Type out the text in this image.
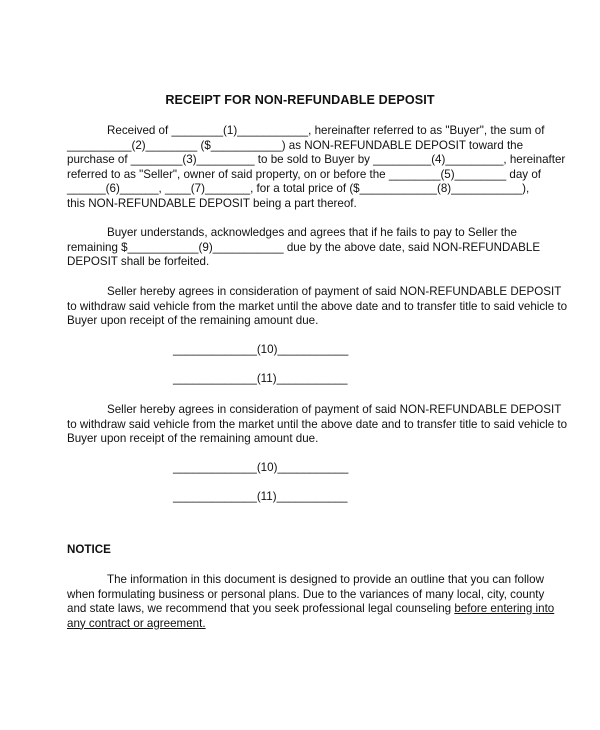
RECEIPT FOR NON-REFUNDABLE DEPOSIT
Received of ________(1)___________, hereinafter referred to as "Buyer", the sum of
__________(2)________ ($___________) as NON-REFUNDABLE DEPOSIT toward the
purchase of ________(3)_________ to be sold to Buyer by _________(4)_________, hereinafter
referred to as "Seller", owner of said property, on or before the ________(5)________ day of
______(6)______, ____(7)_______, for a total price of ($____________(8)___________),
this NON-REFUNDABLE DEPOSIT being a part thereof.
Buyer understands, acknowledges and agrees that if he fails to pay to Seller the
remaining $___________(9)___________ due by the above date, said NON-REFUNDABLE
DEPOSIT shall be forfeited.
Seller hereby agrees in consideration of payment of said NON-REFUNDABLE DEPOSIT
to withdraw said vehicle from the market until the above date and to transfer title to said vehicle to
Buyer upon receipt of the remaining amount due.
_____________(10)___________
_____________(11)___________
Seller hereby agrees in consideration of payment of said NON-REFUNDABLE DEPOSIT
to withdraw said vehicle from the market until the above date and to transfer title to said vehicle to
Buyer upon receipt of the remaining amount due.
_____________(10)___________
_____________(11)___________
NOTICE
The information in this document is designed to provide an outline that you can follow
when formulating business or personal plans. Due to the variances of many local, city, county
and state laws, we recommend that you seek professional legal counseling before entering into
any contract or agreement.
